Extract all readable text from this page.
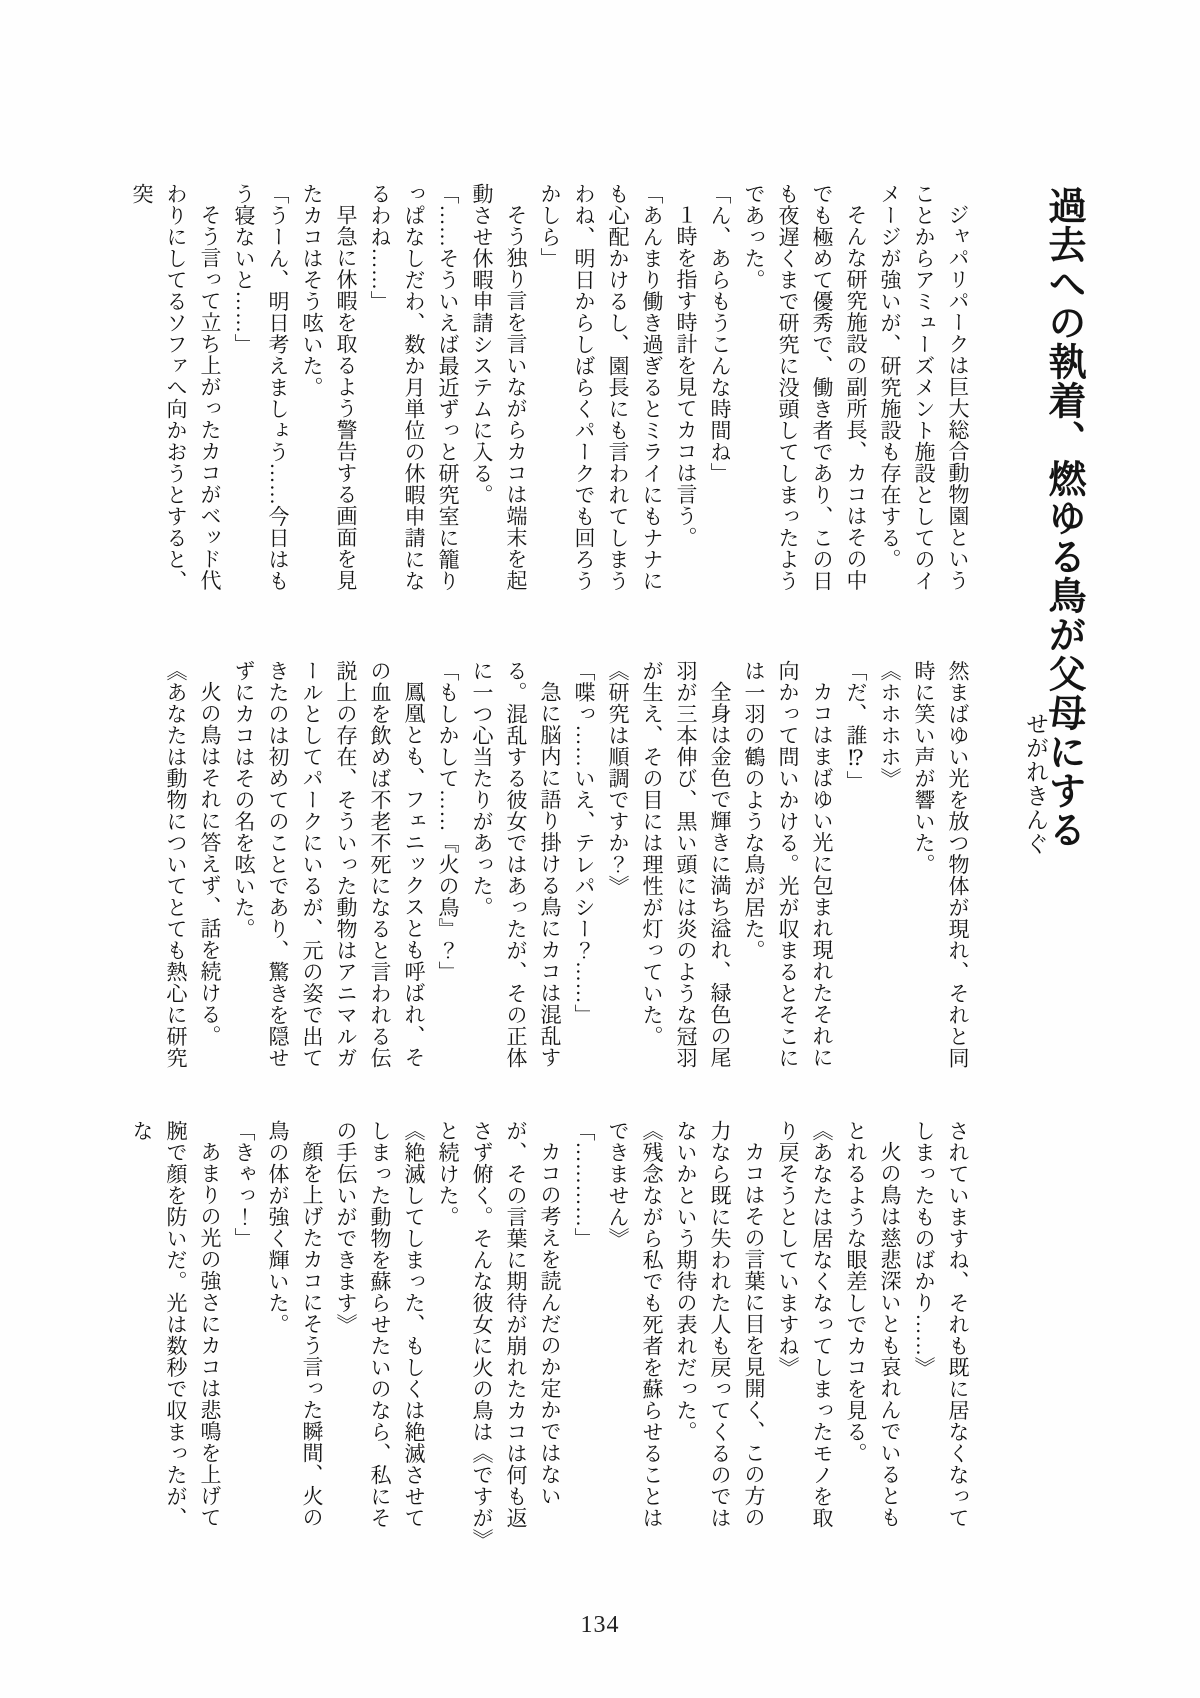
過去への執着、燃ゆる鳥が父母にする
せがれきんぐ

ジャパリパークは巨大総合動物園ということからアミューズメント施設としてのイメージが強いが、研究施設も存在する。

そんな研究施設の副所長、カコはその中でも極めて優秀で、働き者であり、この日も夜遅くまで研究に没頭してしまったようであった。

「ん、あらもうこんな時間ね」

１時を指す時計を見てカコは言う。

「あんまり働き過ぎるとミライにもナナにも心配かけるし、園長にも言われてしまうわね、明日からしばらくパークでも回ろうかしら」

そう独り言を言いながらカコは端末を起動させ休暇申請システムに入る。

「……そういえば最近ずっと研究室に籠りっぱなしだわ、数か月単位の休暇申請になるわね……」

早急に休暇を取るよう警告する画面を見たカコはそう呟いた。

「うーん、明日考えましょう……今日はもう寝ないと……」

そう言って立ち上がったカコがベッド代わりにしてるソファへ向かおうとすると、突

然まばゆい光を放つ物体が現れ、それと同時に笑い声が響いた。

《ホホホホ》

「だ、誰⁉」

カコはまばゆい光に包まれ現れたそれに向かって問いかける。光が収まるとそこには一羽の鶴のような鳥が居た。

全身は金色で輝きに満ち溢れ、緑色の尾羽が三本伸び、黒い頭には炎のような冠羽が生え、その目には理性が灯っていた。

《研究は順調ですか？》

「喋っ……いえ、テレパシー？……」

急に脳内に語り掛ける鳥にカコは混乱する。混乱する彼女ではあったが、その正体に一つ心当たりがあった。

「もしかして……『火の鳥』？」

鳳凰とも、フェニックスとも呼ばれ、その血を飲めば不老不死になると言われる伝説上の存在、そういった動物はアニマルガールとしてパークにいるが、元の姿で出てきたのは初めてのことであり、驚きを隠せずにカコはその名を呟いた。

火の鳥はそれに答えず、話を続ける。

《あなたは動物についてとても熱心に研究

されていますね、それも既に居なくなってしまったものばかり……》

火の鳥は慈悲深いとも哀れんでいるともとれるような眼差しでカコを見る。

《あなたは居なくなってしまったモノを取り戻そうとしていますね》

カコはその言葉に目を見開く、この方の力なら既に失われた人も戻ってくるのではないかという期待の表れだった。

《残念ながら私でも死者を蘇らせることはできません》

「…………」

カコの考えを読んだのか定かではないが、その言葉に期待が崩れたカコは何も返さず俯く。そんな彼女に火の鳥は《ですが》と続けた。

《絶滅してしまった、もしくは絶滅させてしまった動物を蘇らせたいのなら、私にその手伝いができます》

顔を上げたカコにそう言った瞬間、火の鳥の体が強く輝いた。

「きゃっ！」

あまりの光の強さにカコは悲鳴を上げて腕で顔を防いだ。光は数秒で収まったが、な

134
